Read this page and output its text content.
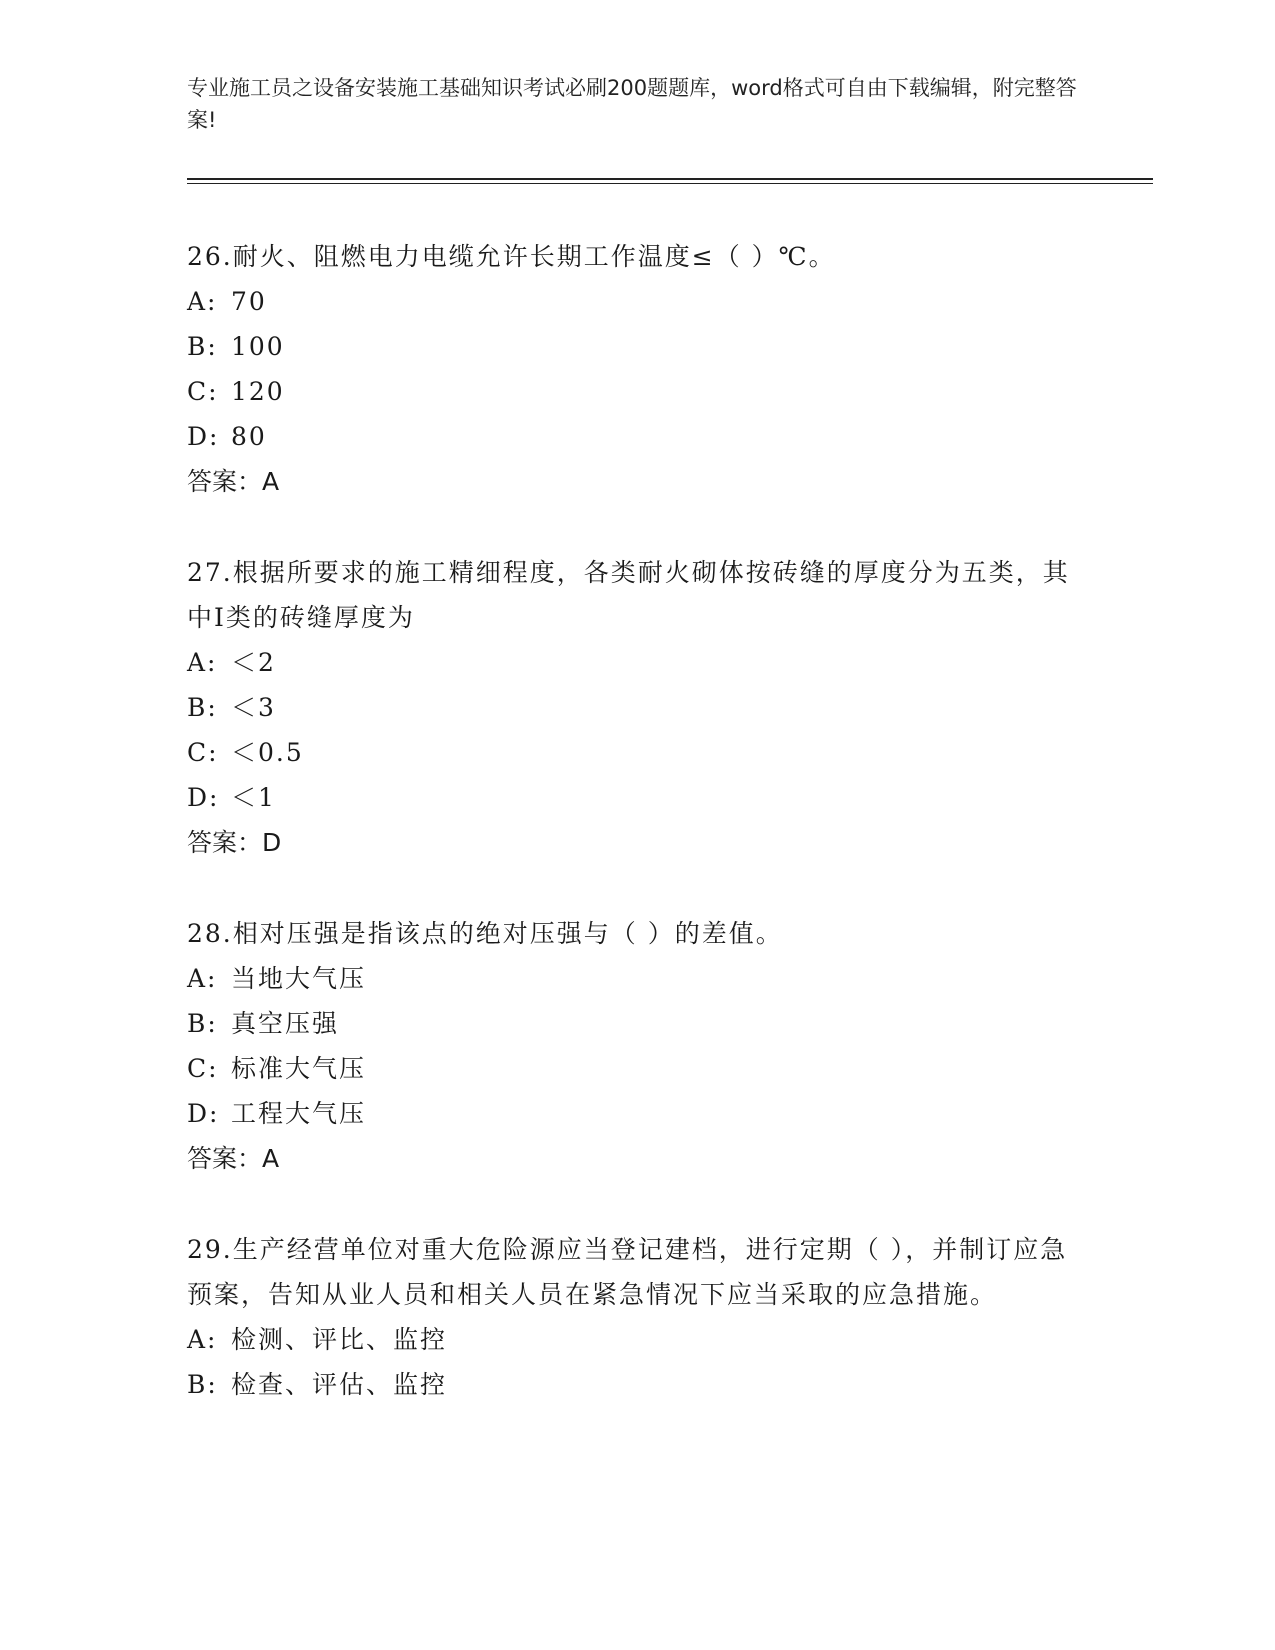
专业施工员之设备安装施工基础知识考试必刷200题题库，word格式可自由下载编辑，附完整答案!
26.耐火、阻燃电力电缆允许长期工作温度≤（ ）℃。
A: 70
B: 100
C: 120
D: 80
答案：A
27.根据所要求的施工精细程度，各类耐火砌体按砖缝的厚度分为五类，其中Ⅰ类的砖缝厚度为
A: ＜2
B: ＜3
C: ＜0.5
D: ＜1
答案：D
28.相对压强是指该点的绝对压强与（ ）的差值。
A: 当地大气压
B: 真空压强
C: 标准大气压
D: 工程大气压
答案：A
29.生产经营单位对重大危险源应当登记建档，进行定期（ ），并制订应急预案，告知从业人员和相关人员在紧急情况下应当采取的应急措施。
A: 检测、评比、监控
B: 检查、评估、监控
